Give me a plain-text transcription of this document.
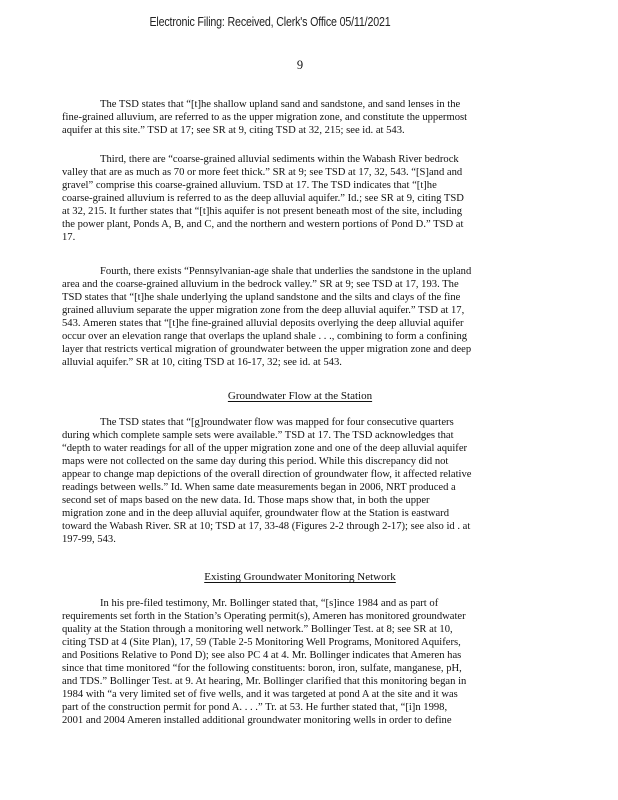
Electronic Filing: Received, Clerk's Office 05/11/2021
9
The TSD states that “[t]he shallow upland sand and sandstone, and sand lenses in the
fine-grained alluvium, are referred to as the upper migration zone, and constitute the uppermost
aquifer at this site.” TSD at 17; see SR at 9, citing TSD at 32, 215; see id. at 543.
Third, there are “coarse-grained alluvial sediments within the Wabash River bedrock
valley that are as much as 70 or more feet thick.” SR at 9; see TSD at 17, 32, 543. “[S]and and
gravel” comprise this coarse-grained alluvium. TSD at 17. The TSD indicates that “[t]he
coarse-grained alluvium is referred to as the deep alluvial aquifer.” Id.; see SR at 9, citing TSD
at 32, 215. It further states that “[t]his aquifer is not present beneath most of the site, including
the power plant, Ponds A, B, and C, and the northern and western portions of Pond D.” TSD at
17.
Fourth, there exists “Pennsylvanian-age shale that underlies the sandstone in the upland
area and the coarse-grained alluvium in the bedrock valley.” SR at 9; see TSD at 17, 193. The
TSD states that “[t]he shale underlying the upland sandstone and the silts and clays of the fine
grained alluvium separate the upper migration zone from the deep alluvial aquifer.” TSD at 17,
543. Ameren states that “[t]he fine-grained alluvial deposits overlying the deep alluvial aquifer
occur over an elevation range that overlaps the upland shale . . ., combining to form a confining
layer that restricts vertical migration of groundwater between the upper migration zone and deep
alluvial aquifer.” SR at 10, citing TSD at 16-17, 32; see id. at 543.
Groundwater Flow at the Station
The TSD states that “[g]roundwater flow was mapped for four consecutive quarters
during which complete sample sets were available.” TSD at 17. The TSD acknowledges that
“depth to water readings for all of the upper migration zone and one of the deep alluvial aquifer
maps were not collected on the same day during this period. While this discrepancy did not
appear to change map depictions of the overall direction of groundwater flow, it affected relative
readings between wells.” Id. When same date measurements began in 2006, NRT produced a
second set of maps based on the new data. Id. Those maps show that, in both the upper
migration zone and in the deep alluvial aquifer, groundwater flow at the Station is eastward
toward the Wabash River. SR at 10; TSD at 17, 33-48 (Figures 2-2 through 2-17); see also id . at
197-99, 543.
Existing Groundwater Monitoring Network
In his pre-filed testimony, Mr. Bollinger stated that, “[s]ince 1984 and as part of
requirements set forth in the Station’s Operating permit(s), Ameren has monitored groundwater
quality at the Station through a monitoring well network.” Bollinger Test. at 8; see SR at 10,
citing TSD at 4 (Site Plan), 17, 59 (Table 2-5 Monitoring Well Programs, Monitored Aquifers,
and Positions Relative to Pond D); see also PC 4 at 4. Mr. Bollinger indicates that Ameren has
since that time monitored “for the following constituents: boron, iron, sulfate, manganese, pH,
and TDS.” Bollinger Test. at 9. At hearing, Mr. Bollinger clarified that this monitoring began in
1984 with “a very limited set of five wells, and it was targeted at pond A at the site and it was
part of the construction permit for pond A. . . .” Tr. at 53. He further stated that, “[i]n 1998,
2001 and 2004 Ameren installed additional groundwater monitoring wells in order to define
